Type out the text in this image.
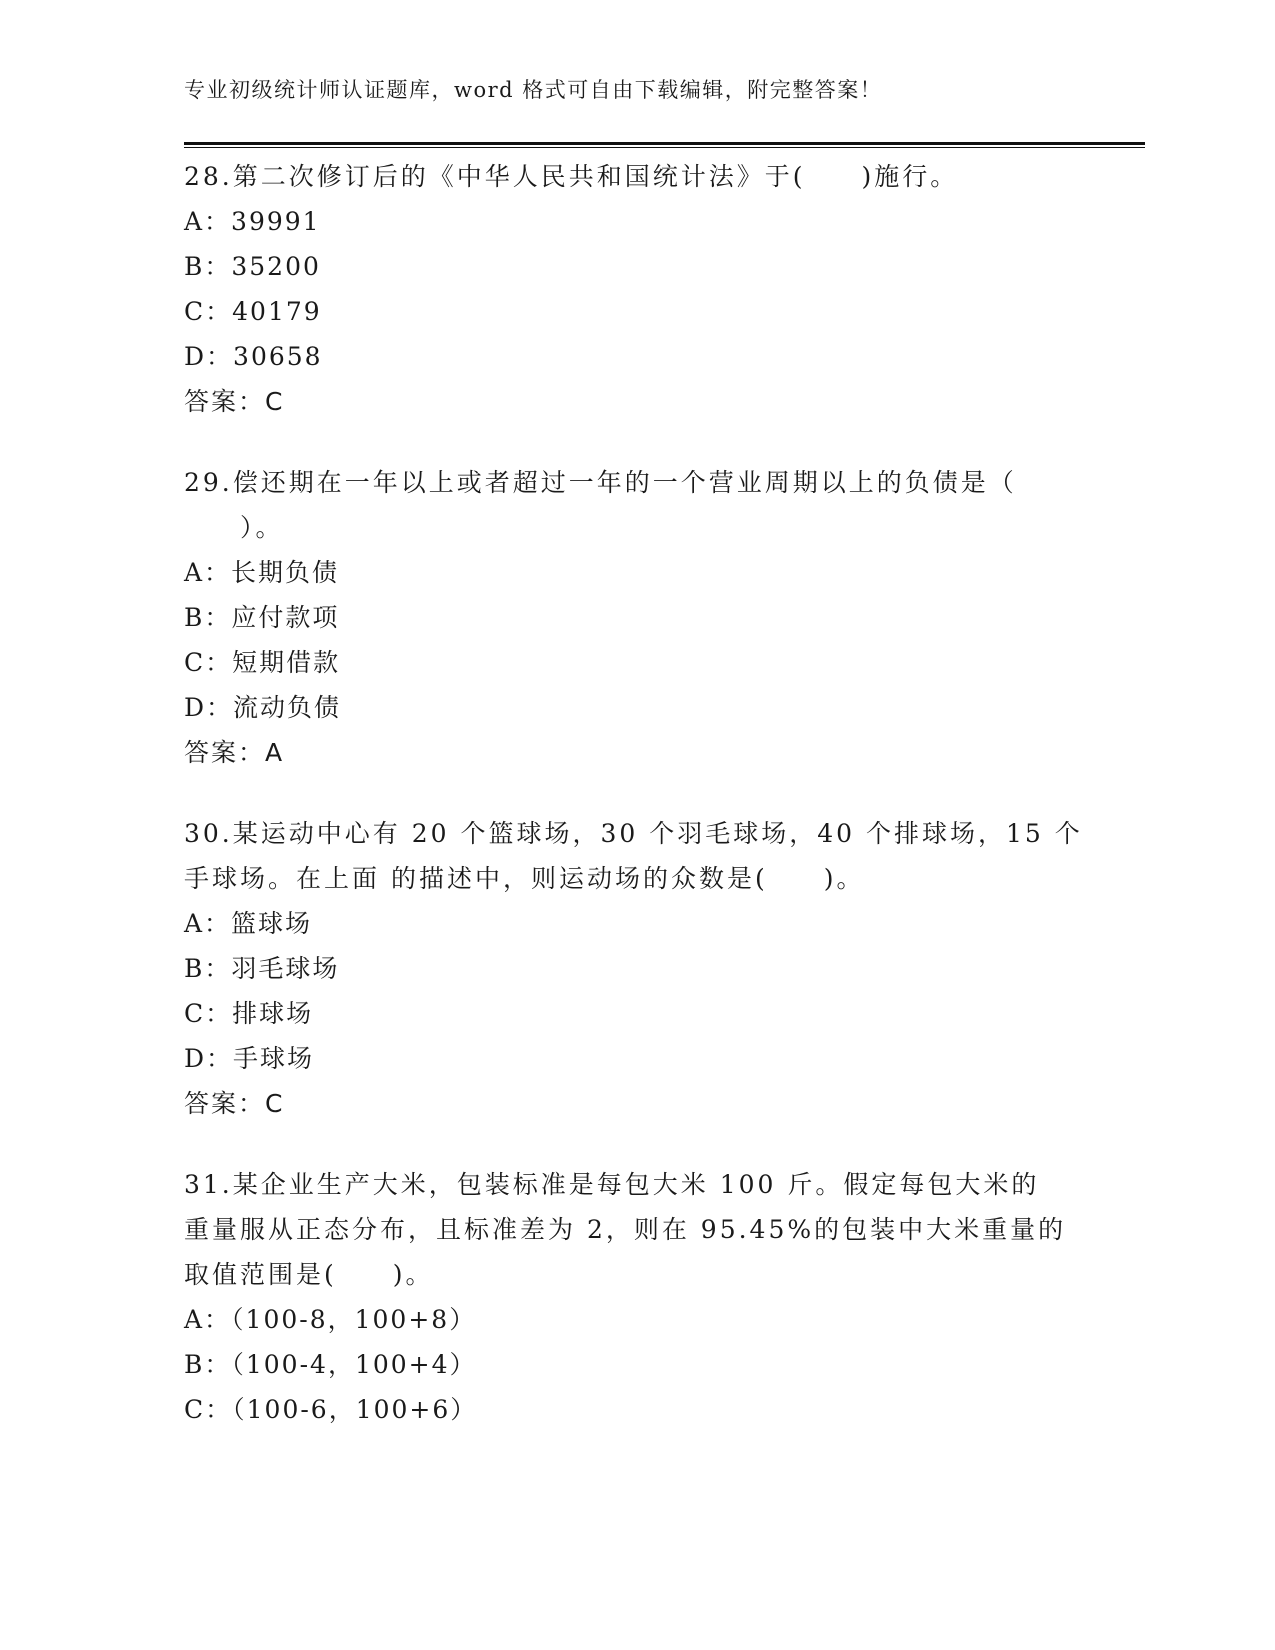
专业初级统计师认证题库，word 格式可自由下载编辑，附完整答案！

28.第二次修订后的《中华人民共和国统计法》于(　　)施行。

A：39991

B：35200

C：40179

D：30658

答案：C

29.偿还期在一年以上或者超过一年的一个营业周期以上的负债是（
　　）。

A：长期负债

B：应付款项

C：短期借款

D：流动负债

答案：A

30.某运动中心有 20 个篮球场，30 个羽毛球场，40 个排球场，15 个
手球场。在上面 的描述中，则运动场的众数是(　　)。

A：篮球场

B：羽毛球场

C：排球场

D：手球场

答案：C

31.某企业生产大米，包装标准是每包大米 100 斤。假定每包大米的
重量服从正态分布，且标准差为 2，则在 95.45%的包装中大米重量的
取值范围是(　　)。

A：（100-8，100+8）

B：（100-4，100+4）

C：（100-6，100+6）
